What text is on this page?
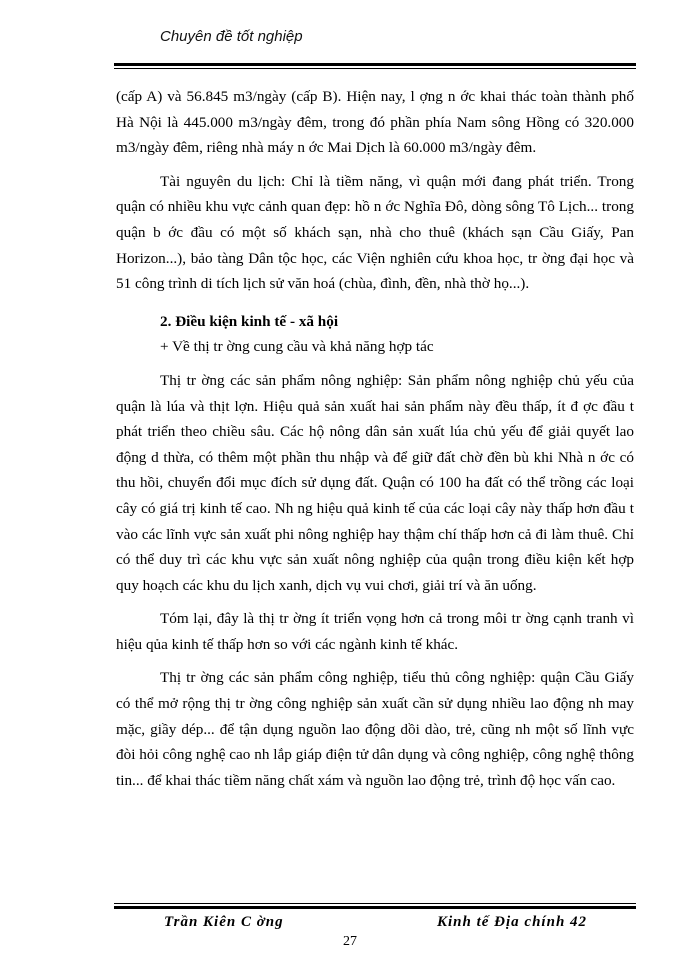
Chuyên đề tốt nghiệp

(cấp A) và 56.845 m3/ngày (cấp B). Hiện nay, l ợng n ớc khai thác toàn thành phố Hà Nội là 445.000 m3/ngày đêm, trong đó phần phía Nam sông Hồng có 320.000 m3/ngày đêm, riêng nhà máy n ớc Mai Dịch là 60.000 m3/ngày đêm.

Tài nguyên du lịch: Chỉ là tiềm năng, vì quận mới đang phát triển. Trong quận có nhiều khu vực cảnh quan đẹp: hồ n ớc Nghĩa Đô, dòng sông Tô Lịch... trong quận b ớc đầu có một số khách sạn, nhà cho thuê (khách sạn Cầu Giấy, Pan Horizon...), bảo tàng Dân tộc học, các Viện nghiên cứu khoa học, tr ờng đại học và 51 công trình di tích lịch sử văn hoá (chùa, đình, đền, nhà thờ họ...).

2. Điều kiện kinh tế - xã hội

+ Về thị tr ờng cung cầu và khả năng hợp tác

Thị tr ờng các sản phẩm nông nghiệp: Sản phẩm nông nghiệp chủ yếu của quận là lúa và thịt lợn. Hiệu quả sản xuất hai sản phẩm này đều thấp, ít đ ợc đầu t phát triển theo chiều sâu. Các hộ nông dân sản xuất lúa chủ yếu để giải quyết lao động d thừa, có thêm một phần thu nhập và để giữ đất chờ đền bù khi Nhà n ớc có thu hồi, chuyển đổi mục đích sử dụng đất. Quận có 100 ha đất có thể trồng các loại cây có giá trị kinh tế cao. Nh ng hiệu quả kinh tế của các loại cây này thấp hơn đầu t vào các lĩnh vực sản xuất phi nông nghiệp hay thậm chí thấp hơn cả đi làm thuê. Chỉ có thể duy trì các khu vực sản xuất nông nghiệp của quận trong điều kiện kết hợp quy hoạch các khu du lịch xanh, dịch vụ vui chơi, giải trí và ăn uống.

Tóm lại, đây là thị tr ờng ít triển vọng hơn cả trong môi tr ờng cạnh tranh vì hiệu qủa kinh tế thấp hơn so với các ngành kinh tế khác.

Thị tr ờng các sản phẩm công nghiệp, tiểu thủ công nghiệp: quận Cầu Giấy có thể mở rộng thị tr ờng công nghiệp sản xuất cần sử dụng nhiều lao động nh may mặc, giầy dép... để tận dụng nguồn lao động dồi dào, trẻ, cũng nh một số lĩnh vực đòi hỏi công nghệ cao nh lắp giáp điện tử dân dụng và công nghiệp, công nghệ thông tin... để khai thác tiềm năng chất xám và nguồn lao động trẻ, trình độ học vấn cao.

Trần Kiên C ờng	Kinh tế Địa chính 42
27
